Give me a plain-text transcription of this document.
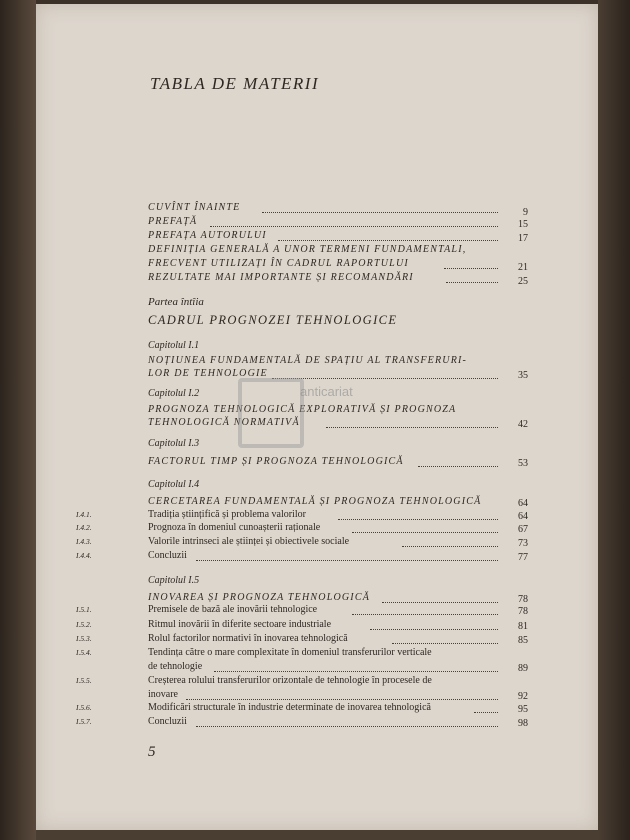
TABLA DE MATERII
CUVÎNT ÎNAINTE	9
PREFAȚĂ	15
PREFAȚA AUTORULUI	17
DEFINIȚIA GENERALĂ A UNOR TERMENI FUNDAMENTALI,
FRECVENT UTILIZAȚI ÎN CADRUL RAPORTULUI	21
REZULTATE MAI IMPORTANTE ȘI RECOMANDĂRI	25
Partea întîia
CADRUL PROGNOZEI TEHNOLOGICE
Capitolul I.1
NOȚIUNEA FUNDAMENTALĂ DE SPAȚIU AL TRANSFERURI-
LOR DE TEHNOLOGIE	35
Capitolul I.2
PROGNOZA TEHNOLOGICĂ EXPLORATIVĂ ȘI PROGNOZA
TEHNOLOGICĂ NORMATIVĂ	42
Capitolul I.3
FACTORUL TIMP ȘI PROGNOZA TEHNOLOGICĂ	53
Capitolul I.4
CERCETAREA FUNDAMENTALĂ ȘI PROGNOZA TEHNOLOGICĂ	64
I.4.1.	Tradiția științifică și problema valorilor	64
I.4.2.	Prognoza în domeniul cunoașterii raționale	67
I.4.3.	Valorile intrinseci ale științei și obiectivele sociale	73
I.4.4.	Concluzii	77
Capitolul I.5
INOVAREA ȘI PROGNOZA TEHNOLOGICĂ	78
I.5.1.	Premisele de bază ale inovării tehnologice	78
I.5.2.	Ritmul inovării în diferite sectoare industriale	81
I.5.3.	Rolul factorilor normativi în inovarea tehnologică	85
I.5.4.	Tendința către o mare complexitate în domeniul transferurilor verticale
de tehnologie	89
I.5.5.	Creșterea rolului transferurilor orizontale de tehnologie în procesele de
inovare	92
I.5.6.	Modificări structurale în industrie determinate de inovarea tehnologică	95
I.5.7.	Concluzii	98
5
anticariat
